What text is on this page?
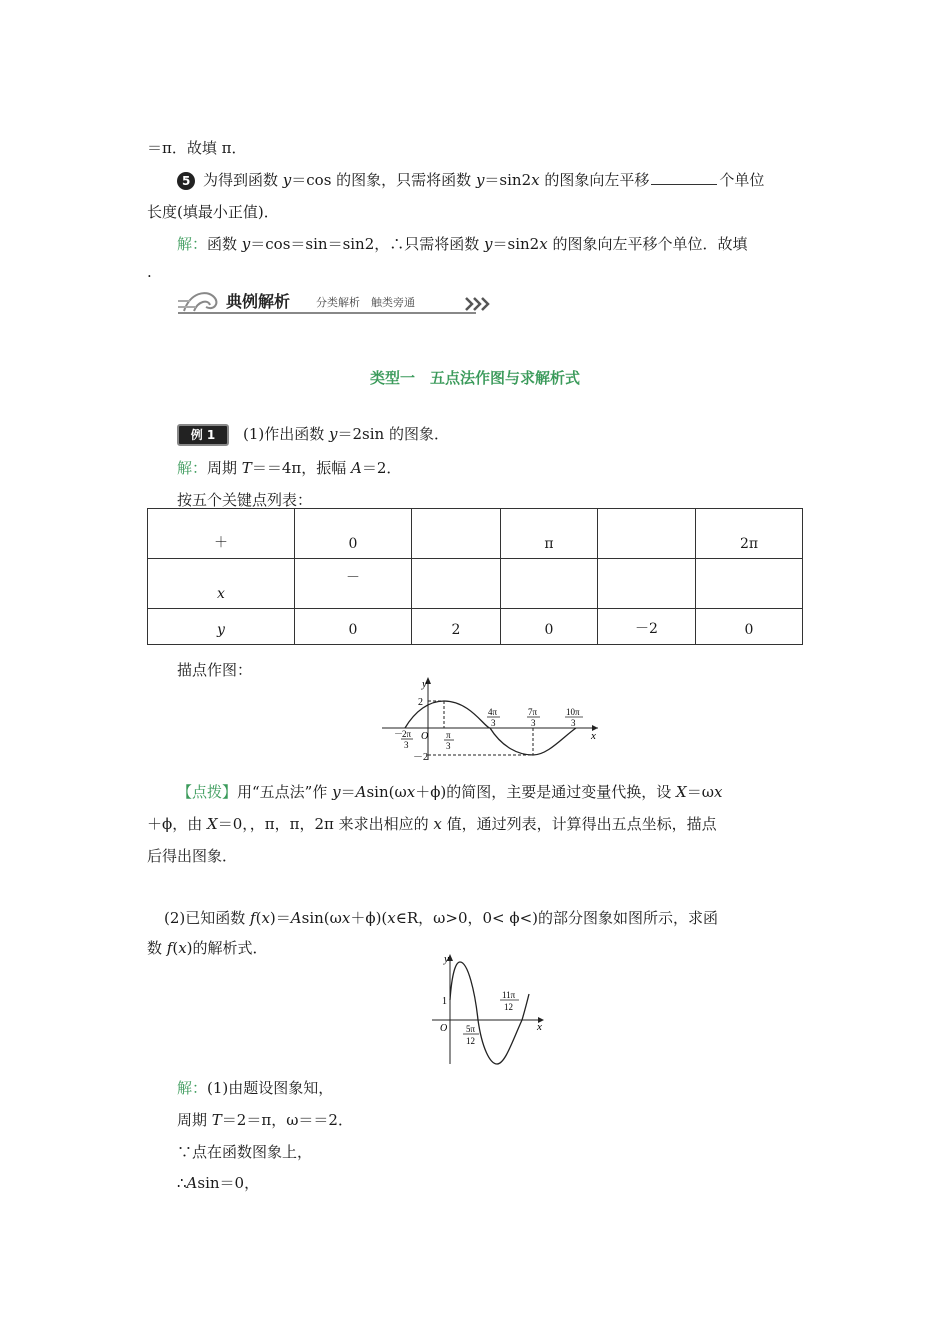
＝π．故填 π．
5 为得到函数 y＝cos 的图象，只需将函数 y＝sin2x 的图象向左平移	个单位
长度(填最小正值)．
解：函数 y＝cos＝sin＝sin2，∴只需将函数 y＝sin2x 的图象向左平移个单位．故填
.
典例解析 分类解析　触类旁通
类型一　五点法作图与求解析式
例 1 (1)作出函数 y＝2sin 的图象．
解：周期 T＝＝4π，振幅 A＝2．
按五个关键点列表：
＋	0		π		2π
x	－				
y	0	2	0	－2	0
描点作图：
y
x
O
2
－2
－
2π
3
π
3
4π
3
7π
3
10π
3
【点拨】用“五点法”作 y＝Asin(ωx＋ϕ)的简图，主要是通过变量代换，设 X＝ωx
＋ϕ，由 X＝0，，π，π，2π 来求出相应的 x 值，通过列表，计算得出五点坐标，描点
后得出图象．
(2)已知函数 f(x)＝Asin(ωx＋ϕ)(x∈R，ω>0，0< ϕ<)的部分图象如图所示，求函
数 f(x)的解析式．
y
x
O
1
5π
12
11π
12
解：(1)由题设图象知，
周期 T＝2＝π，ω＝＝2．
∵点在函数图象上，
∴Asin＝0，
